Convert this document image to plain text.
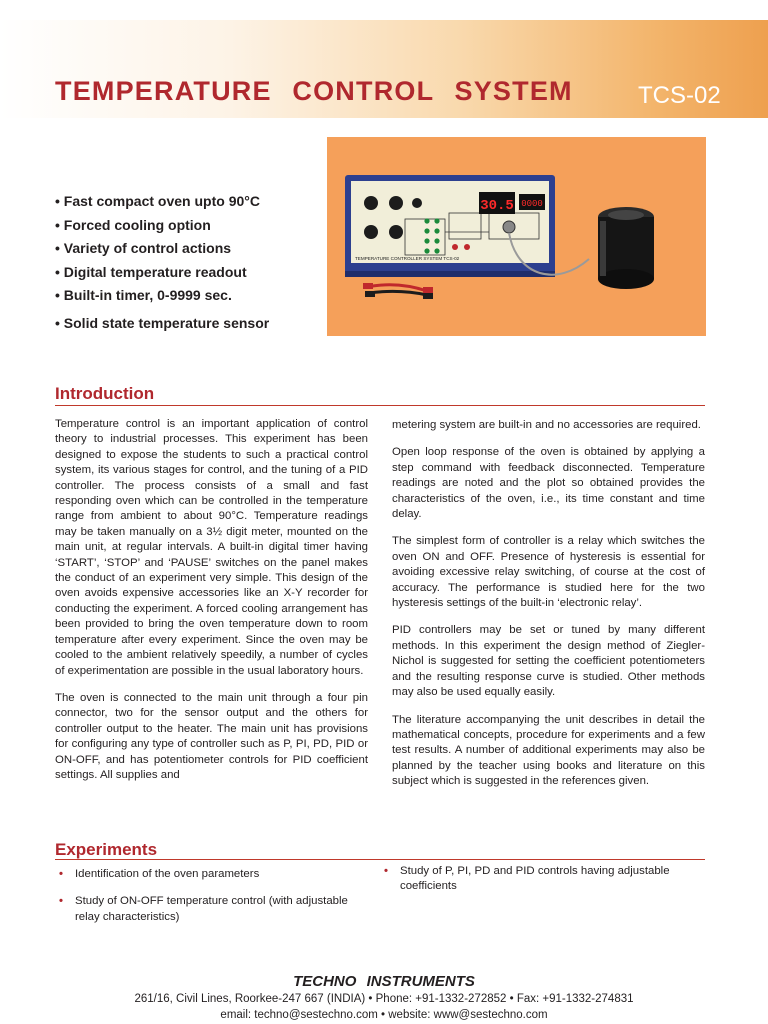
TEMPERATURE CONTROL SYSTEM	TCS-02
• Fast compact oven upto 90°C
• Forced cooling option
• Variety of control actions
• Digital temperature readout
• Built-in timer, 0-9999 sec.
• Solid state temperature sensor
30.5 0000
TEMPERATURE CONTROLLER SYSTEM TCS-02
Introduction

Temperature control is an important application of control theory to industrial processes. This experiment has been designed to expose the students to such a practical control system, its various stages for control, and the tuning of a PID controller. The process consists of a small and fast responding oven which can be controlled in the temperature range from ambient to about 90°C. Temperature readings may be taken manually on a 3½ digit meter, mounted on the main unit, at regular intervals. A built-in digital timer having ‘START’, ‘STOP’ and ‘PAUSE’ switches on the panel makes the conduct of an experiment very simple. This design of the oven avoids expensive accessories like an X-Y recorder for conducting the experiment. A forced cooling arrangement has been provided to bring the oven temperature down to room temperature after every experiment. Since the oven may be cooled to the ambient relatively speedily, a number of cycles of experimentation are possible in the usual laboratory hours.

The oven is connected to the main unit through a four pin connector, two for the sensor output and the others for controller output to the heater. The main unit has provisions for configuring any type of controller such as P, PI, PD, PID or ON-OFF, and has potentiometer controls for PID coefficient settings. All supplies and

metering system are built-in and no accessories are required.

Open loop response of the oven is obtained by applying a step command with feedback disconnected. Temperature readings are noted and the plot so obtained provides the characteristics of the oven, i.e., its time constant and time delay.

The simplest form of controller is a relay which switches the oven ON and OFF. Presence of hysteresis is essential for avoiding excessive relay switching, of course at the cost of accuracy. The performance is studied here for the two hysteresis settings of the built-in ‘electronic relay’.

PID controllers may be set or tuned by many different methods. In this experiment the design method of Ziegler-Nichol is suggested for setting the coefficient potentiometers and the resulting response curve is studied. Other methods may also be used equally easily.

The literature accompanying the unit describes in detail the mathematical concepts, procedure for experiments and a few test results. A number of additional experiments may also be planned by the teacher using books and literature on this subject which is suggested in the references given.

Experiments
• Identification of the oven parameters
• Study of ON-OFF temperature control (with adjustable relay characteristics)
• Study of P, PI, PD and PID controls having adjustable coefficients
TECHNO INSTRUMENTS
261/16, Civil Lines, Roorkee-247 667 (INDIA) • Phone: +91-1332-272852 • Fax: +91-1332-274831
email: techno@sestechno.com • website: www@sestechno.com
